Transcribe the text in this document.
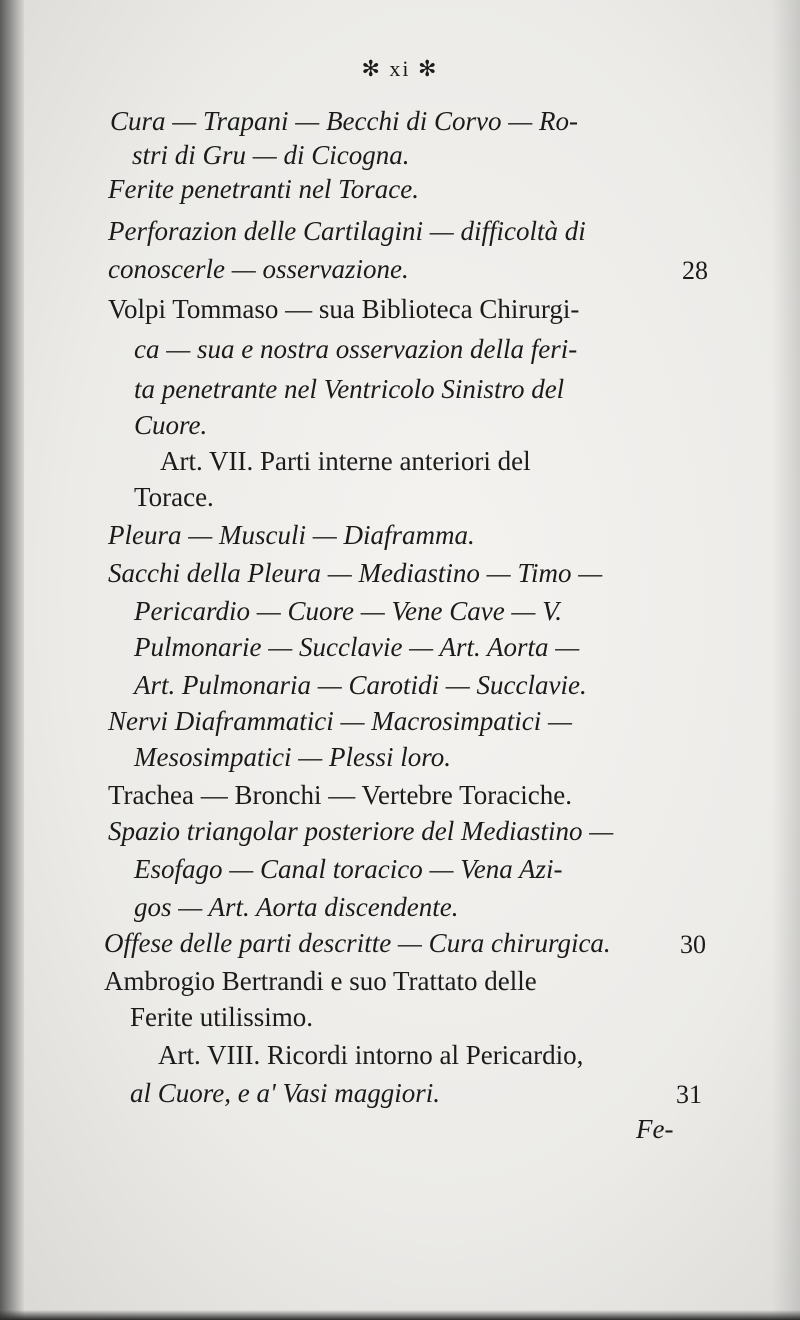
✻ xi ✻
Cura — Trapani — Becchi di Corvo — Ro-
stri di Gru — di Cicogna.
Ferite penetranti nel Torace.
Perforazion delle Cartilagini — difficoltà di
conoscerle — osservazione.
Volpi Tommaso — sua Biblioteca Chirurgi-
ca — sua e nostra osservazion della feri-
ta penetrante nel Ventricolo Sinistro del
Cuore.
Art. VII. Parti interne anteriori del
Torace.
Pleura — Musculi — Diaframma.
Sacchi della Pleura — Mediastino — Timo —
Pericardio — Cuore — Vene Cave — V.
Pulmonarie — Succlavie — Art. Aorta —
Art. Pulmonaria — Carotidi — Succlavie.
Nervi Diaframmatici — Macrosimpatici —
Mesosimpatici — Plessi loro.
Trachea — Bronchi — Vertebre Toraciche.
Spazio triangolar posteriore del Mediastino —
Esofago — Canal toracico — Vena Azi-
gos — Art. Aorta discendente.
Offese delle parti descritte — Cura chirurgica.
Ambrogio Bertrandi e suo Trattato delle
Ferite utilissimo.
Art. VIII. Ricordi intorno al Pericardio,
al Cuore, e a' Vasi maggiori.
Fe-
28
30
31
